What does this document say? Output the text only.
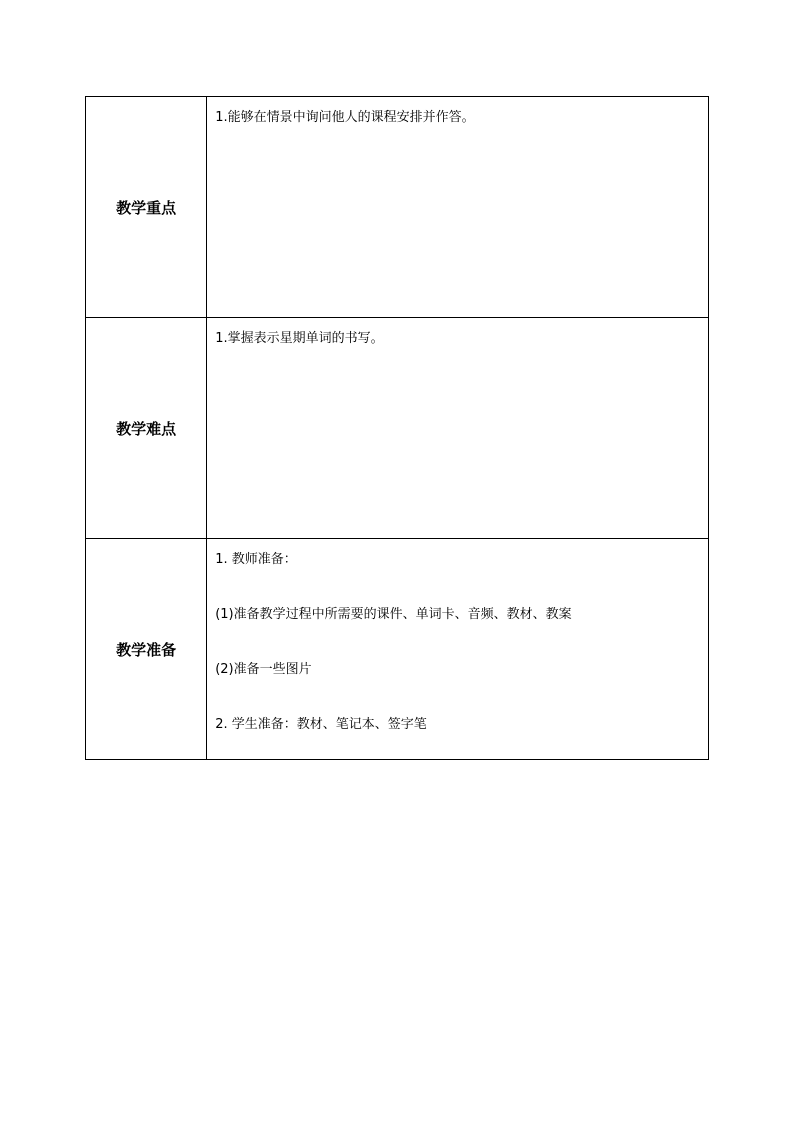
教学重点	1.能够在情景中询问他人的课程安排并作答。

教学难点	1.掌握表示星期单词的书写。

教学准备	1. 教师准备：
(1)准备教学过程中所需要的课件、单词卡、音频、教材、教案
(2)准备一些图片
2. 学生准备：教材、笔记本、签字笔
